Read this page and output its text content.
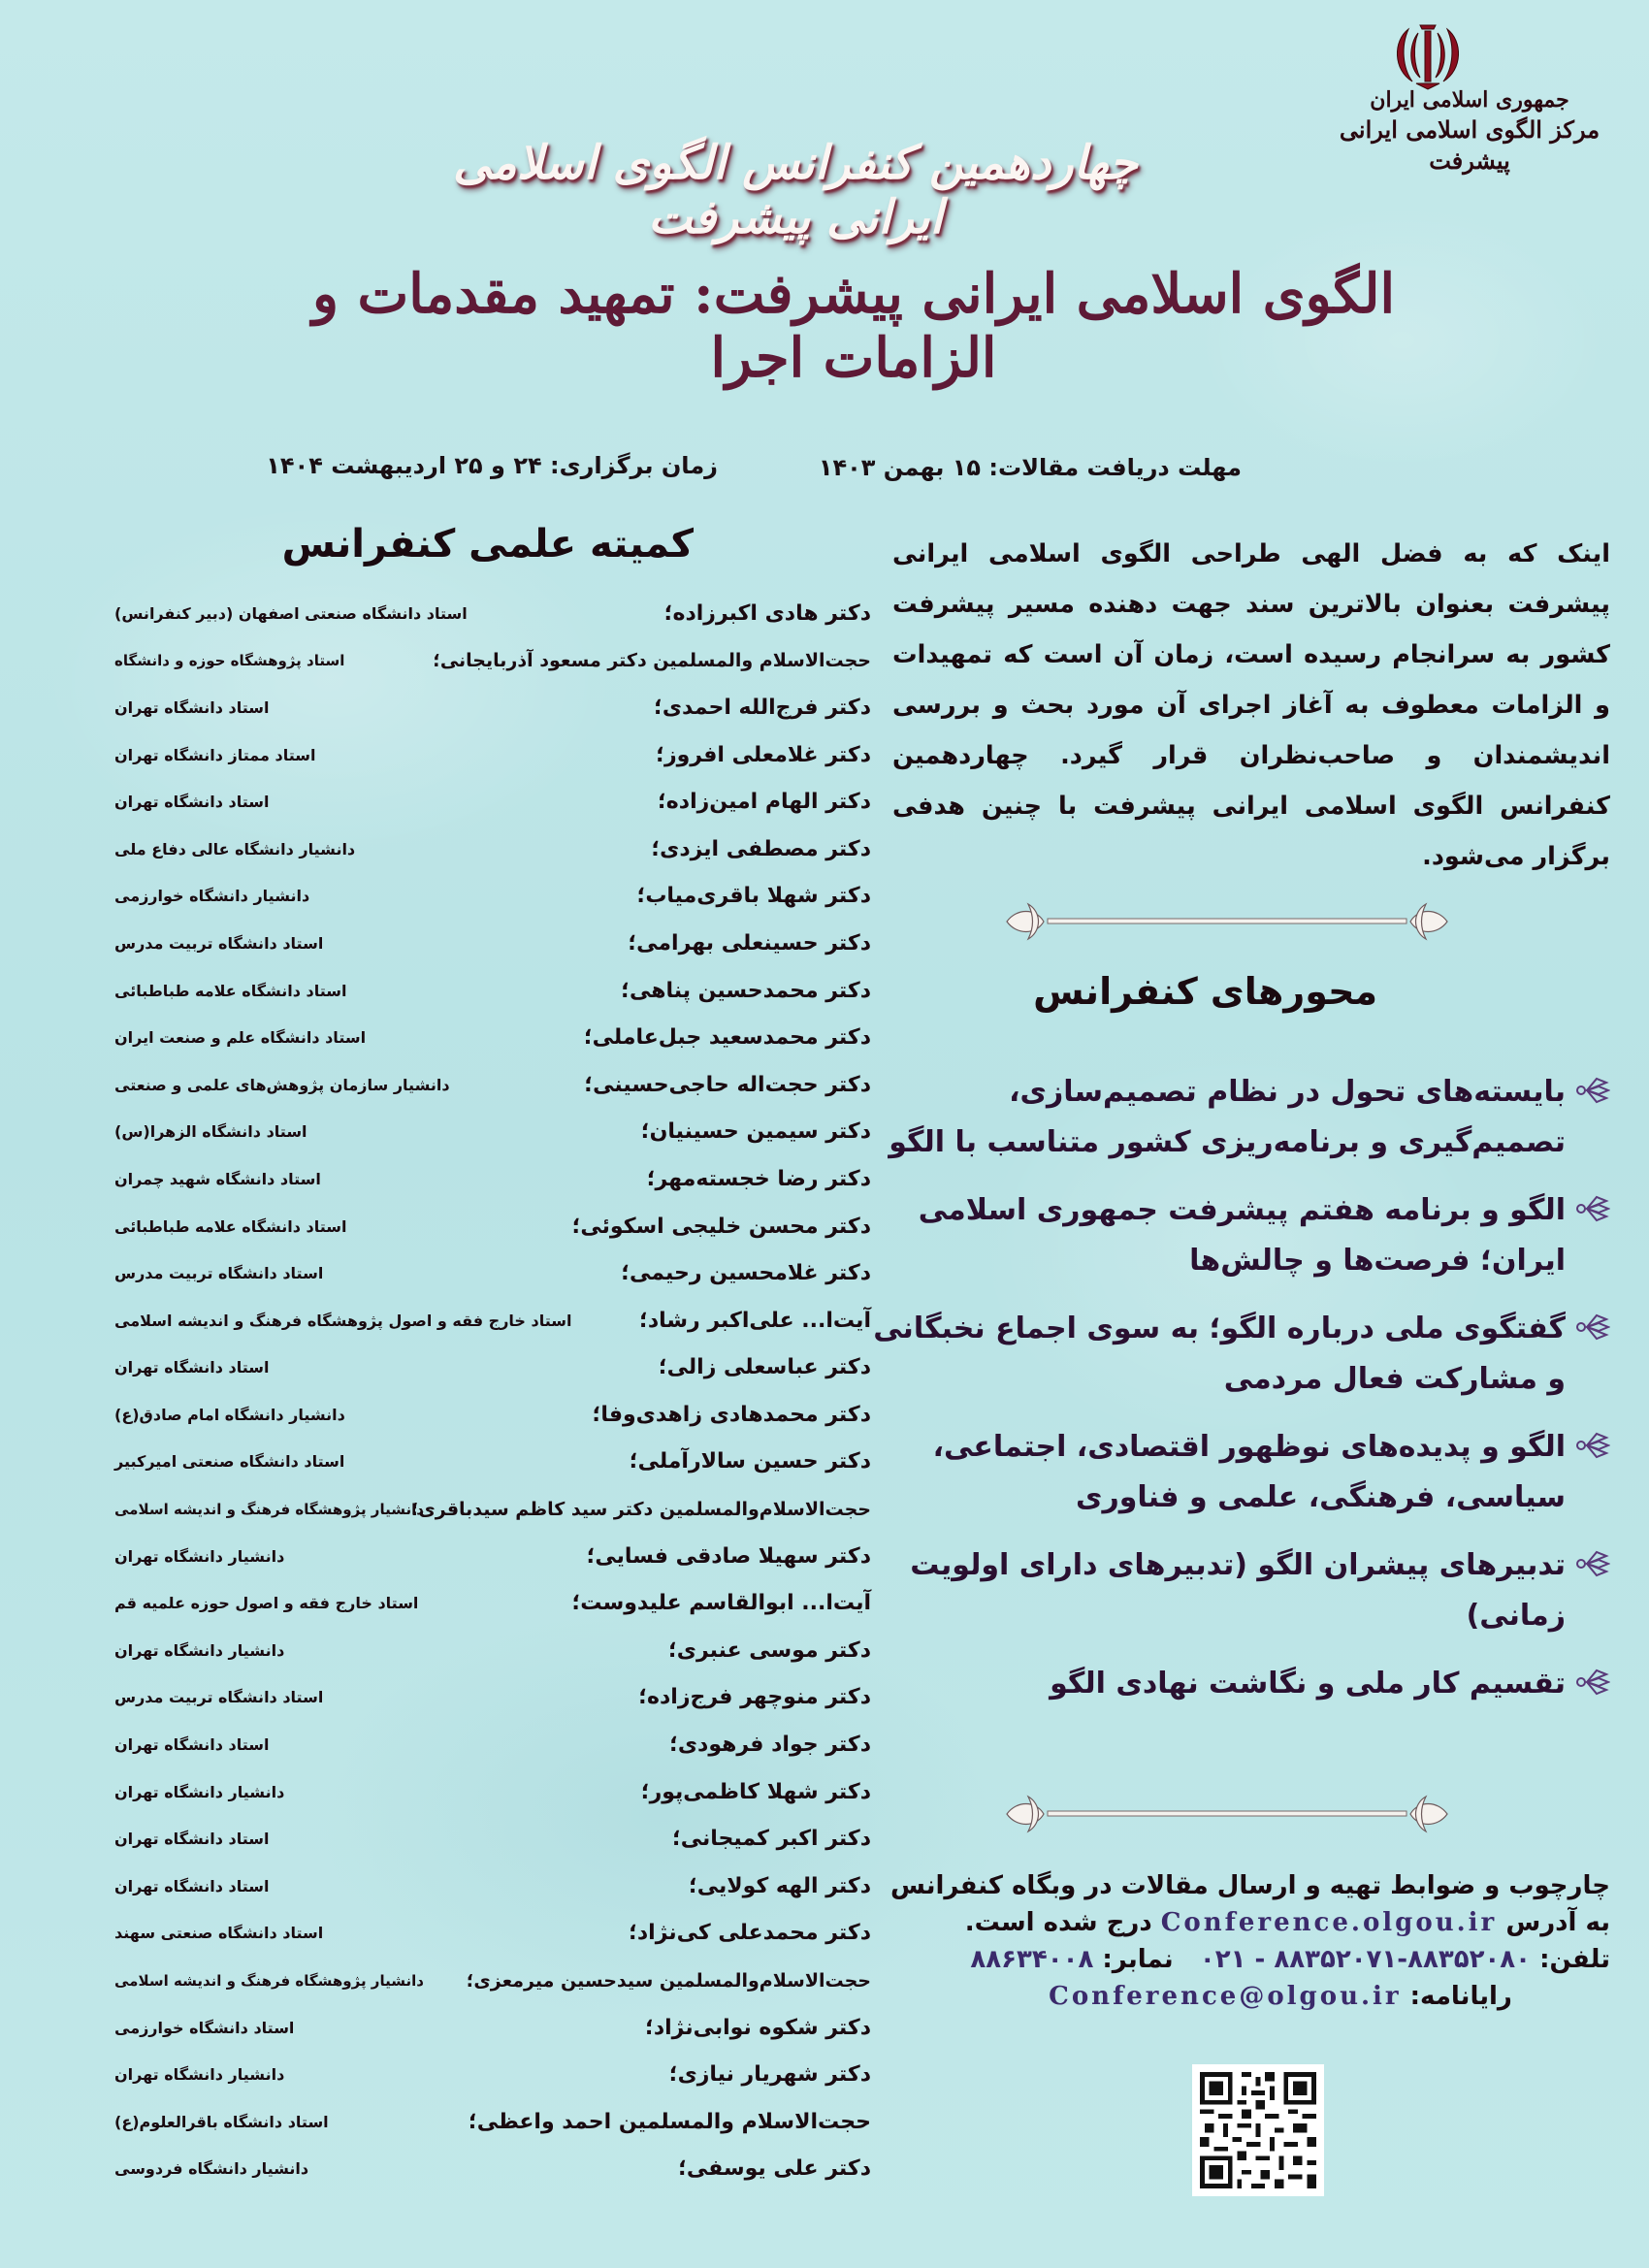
جمهوری اسلامی ایران
مرکز الگوی اسلامی ایرانی پیشرفت
چهاردهمین کنفرانس الگوی اسلامی ایرانی پیشرفت
الگوی اسلامی ایرانی پیشرفت: تمهید مقدمات و الزامات اجرا
مهلت دریافت مقالات: ۱۵ بهمن ۱۴۰۳
زمان برگزاری: ۲۴ و ۲۵ اردیبهشت ۱۴۰۴
کمیته علمی کنفرانس
دکتر هادی اکبرزاده؛
استاد دانشگاه صنعتی اصفهان (دبیر کنفرانس)
حجت‌الاسلام والمسلمین دکتر مسعود آذربایجانی؛
استاد پژوهشگاه حوزه و دانشگاه
دکتر فرج‌الله احمدی؛
استاد دانشگاه تهران
دکتر غلامعلی افروز؛
استاد ممتاز دانشگاه تهران
دکتر الهام امین‌زاده؛
استاد دانشگاه تهران
دکتر مصطفی ایزدی؛
دانشیار دانشگاه عالی دفاع ملی
دکتر شهلا باقری‌میاب؛
دانشیار دانشگاه خوارزمی
دکتر حسینعلی بهرامی؛
استاد دانشگاه تربیت مدرس
دکتر محمدحسین پناهی؛
استاد دانشگاه علامه طباطبائی
دکتر محمدسعید جبل‌عاملی؛
استاد دانشگاه علم و صنعت ایران
دکتر حجت‌اله حاجی‌حسینی؛
دانشیار سازمان پژوهش‌های علمی و صنعتی
دکتر سیمین حسینیان؛
استاد دانشگاه الزهرا(س)
دکتر رضا خجسته‌مهر؛
استاد دانشگاه شهید چمران
دکتر محسن خلیجی اسکوئی؛
استاد دانشگاه علامه طباطبائی
دکتر غلامحسین رحیمی؛
استاد دانشگاه تربیت مدرس
آیت‌ا... علی‌اکبر رشاد؛
استاد خارج فقه و اصول پژوهشگاه فرهنگ و اندیشه اسلامی
دکتر عباسعلی زالی؛
استاد دانشگاه تهران
دکتر محمدهادی زاهدی‌وفا؛
دانشیار دانشگاه امام صادق(ع)
دکتر حسین سالارآملی؛
استاد دانشگاه صنعتی امیرکبیر
حجت‌الاسلام‌والمسلمین دکتر سید کاظم سیدباقری؛
دانشیار پژوهشگاه فرهنگ و اندیشه اسلامی
دکتر سهیلا صادقی فسایی؛
دانشیار دانشگاه تهران
آیت‌ا... ابوالقاسم علیدوست؛
استاد خارج فقه و اصول حوزه علمیه قم
دکتر موسی عنبری؛
دانشیار دانشگاه تهران
دکتر منوچهر فرج‌زاده؛
استاد دانشگاه تربیت مدرس
دکتر جواد فرهودی؛
استاد دانشگاه تهران
دکتر شهلا کاظمی‌پور؛
دانشیار دانشگاه تهران
دکتر اکبر کمیجانی؛
استاد دانشگاه تهران
دکتر الهه کولایی؛
استاد دانشگاه تهران
دکتر محمدعلی کی‌نژاد؛
استاد دانشگاه صنعتی سهند
حجت‌الاسلام‌والمسلمین سیدحسین میرمعزی؛
دانشیار پژوهشگاه فرهنگ و اندیشه اسلامی
دکتر شکوه نوابی‌نژاد؛
استاد دانشگاه خوارزمی
دکتر شهریار نیازی؛
دانشیار دانشگاه تهران
حجت‌الاسلام والمسلمین احمد واعظی؛
استاد دانشگاه باقرالعلوم(ع)
دکتر علی یوسفی؛
دانشیار دانشگاه فردوسی
اینک که به فضل الهی طراحی الگوی اسلامی ایرانی پیشرفت بعنوان بالاترین سند جهت دهنده مسیر پیشرفت کشور به سرانجام رسیده است، زمان آن است که تمهیدات و الزامات معطوف به آغاز اجرای آن مورد بحث و بررسی اندیشمندان و صاحب‌نظران قرار گیرد. چهاردهمین کنفرانس الگوی اسلامی ایرانی پیشرفت با چنین هدفی برگزار می‌شود.
محورهای کنفرانس
بایسته‌های تحول در نظام تصمیم‌سازی، تصمیم‌گیری و برنامه‌ریزی کشور متناسب با الگو
الگو و برنامه هفتم پیشرفت جمهوری اسلامی ایران؛ فرصت‌ها و چالش‌ها
گفتگوی ملی درباره الگو؛ به سوی اجماع نخبگانی و مشارکت فعال مردمی
الگو و پدیده‌های نوظهور اقتصادی، اجتماعی، سیاسی، فرهنگی، علمی و فناوری
تدبیرهای پیشران الگو (تدبیرهای دارای اولویت زمانی)
تقسیم کار ملی و نگاشت نهادی الگو
چارچوب و ضوابط تهیه و ارسال مقالات در وبگاه کنفرانس
به آدرس Conference.olgou.ir درج شده است.
تلفن: ۰۲۱ - ۸۸۳۵۲۰۷۱-۸۸۳۵۲۰۸۰   نمابر: ۸۸۶۳۴۰۰۸
رایانامه: Conference@olgou.ir
